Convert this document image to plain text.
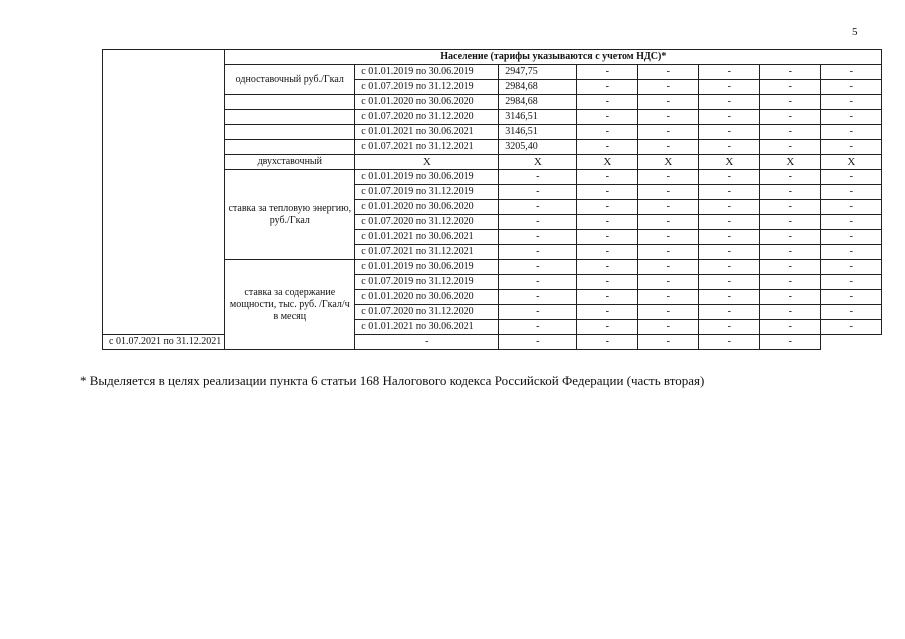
5
	Население (тарифы указываются с учетом НДС)*							
	одноставочный руб./Гкал	с 01.01.2019 по 30.06.2019	2947,75	-	-	-	-	-
		с 01.07.2019 по 31.12.2019	2984,68	-	-	-	-	-
		с 01.01.2020 по 30.06.2020	2984,68	-	-	-	-	-
		с 01.07.2020 по 31.12.2020	3146,51	-	-	-	-	-
		с 01.01.2021 по 30.06.2021	3146,51	-	-	-	-	-
		с 01.07.2021 по 31.12.2021	3205,40	-	-	-	-	-
	двухставочный	X	X	X	X	X	X	X
	ставка за тепловую энергию, руб./Гкал	с 01.01.2019 по 30.06.2019	-	-	-	-	-	-
		с 01.07.2019 по 31.12.2019	-	-	-	-	-	-
		с 01.01.2020 по 30.06.2020	-	-	-	-	-	-
		с 01.07.2020 по 31.12.2020	-	-	-	-	-	-
		с 01.01.2021 по 30.06.2021	-	-	-	-	-	-
		с 01.07.2021 по 31.12.2021	-	-	-	-	-	-
	ставка за содержание мощности, тыс. руб. /Гкал/ч в месяц	с 01.01.2019 по 30.06.2019	-	-	-	-	-	-
		с 01.07.2019 по 31.12.2019	-	-	-	-	-	-
		с 01.01.2020 по 30.06.2020	-	-	-	-	-	-
		с 01.07.2020 по 31.12.2020	-	-	-	-	-	-
		с 01.01.2021 по 30.06.2021	-	-	-	-	-	-
с 01.07.2021 по 31.12.2021		-	-	-	-	-	-	
* Выделяется в целях реализации пункта 6 статьи 168 Налогового кодекса Российской Федерации (часть вторая)
